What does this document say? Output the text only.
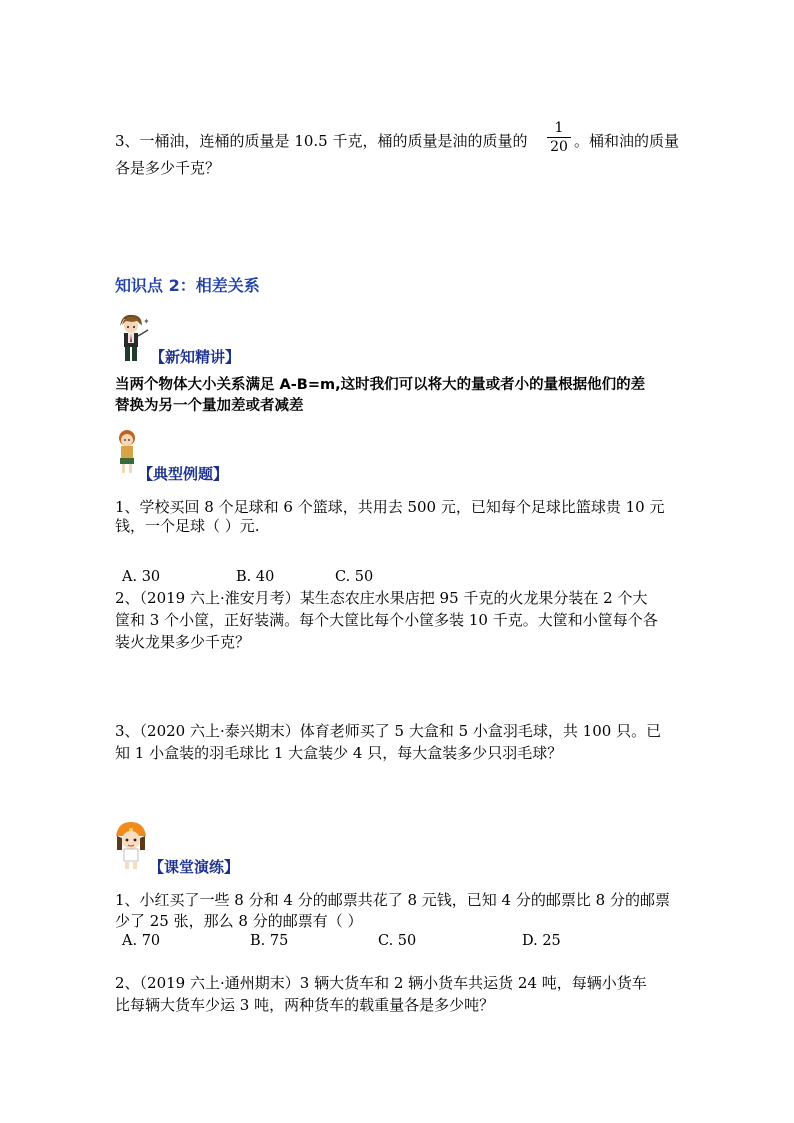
3、一桶油，连桶的质量是 10.5 千克，桶的质量是油的质量的
1
20 。桶和油的质量
各是多少千克？
知识点 2：相差关系
✦
【新知精讲】
当两个物体大小关系满足 A-B=m,这时我们可以将大的量或者小的量根据他们的差
替换为另一个量加差或者减差
【典型例题】
1、学校买回 8 个足球和 6 个篮球，共用去 500 元，已知每个足球比篮球贵 10 元
钱，一个足球（ ）元.
A. 30	B. 40	C. 50
2、（2019 六上·淮安月考）某生态农庄水果店把 95 千克的火龙果分装在 2 个大
筐和 3 个小筐，正好装满。每个大筐比每个小筐多装 10 千克。大筐和小筐每个各
装火龙果多少千克？
3、（2020 六上·泰兴期末）体育老师买了 5 大盒和 5 小盒羽毛球，共 100 只。已
知 1 小盒装的羽毛球比 1 大盒装少 4 只，每大盒装多少只羽毛球？
【课堂演练】
1、小红买了一些 8 分和 4 分的邮票共花了 8 元钱，已知 4 分的邮票比 8 分的邮票
少了 25 张，那么 8 分的邮票有（ ）
A. 70	B. 75	C. 50	D. 25
2、（2019 六上·通州期末）3 辆大货车和 2 辆小货车共运货 24 吨，每辆小货车
比每辆大货车少运 3 吨，两种货车的载重量各是多少吨？
